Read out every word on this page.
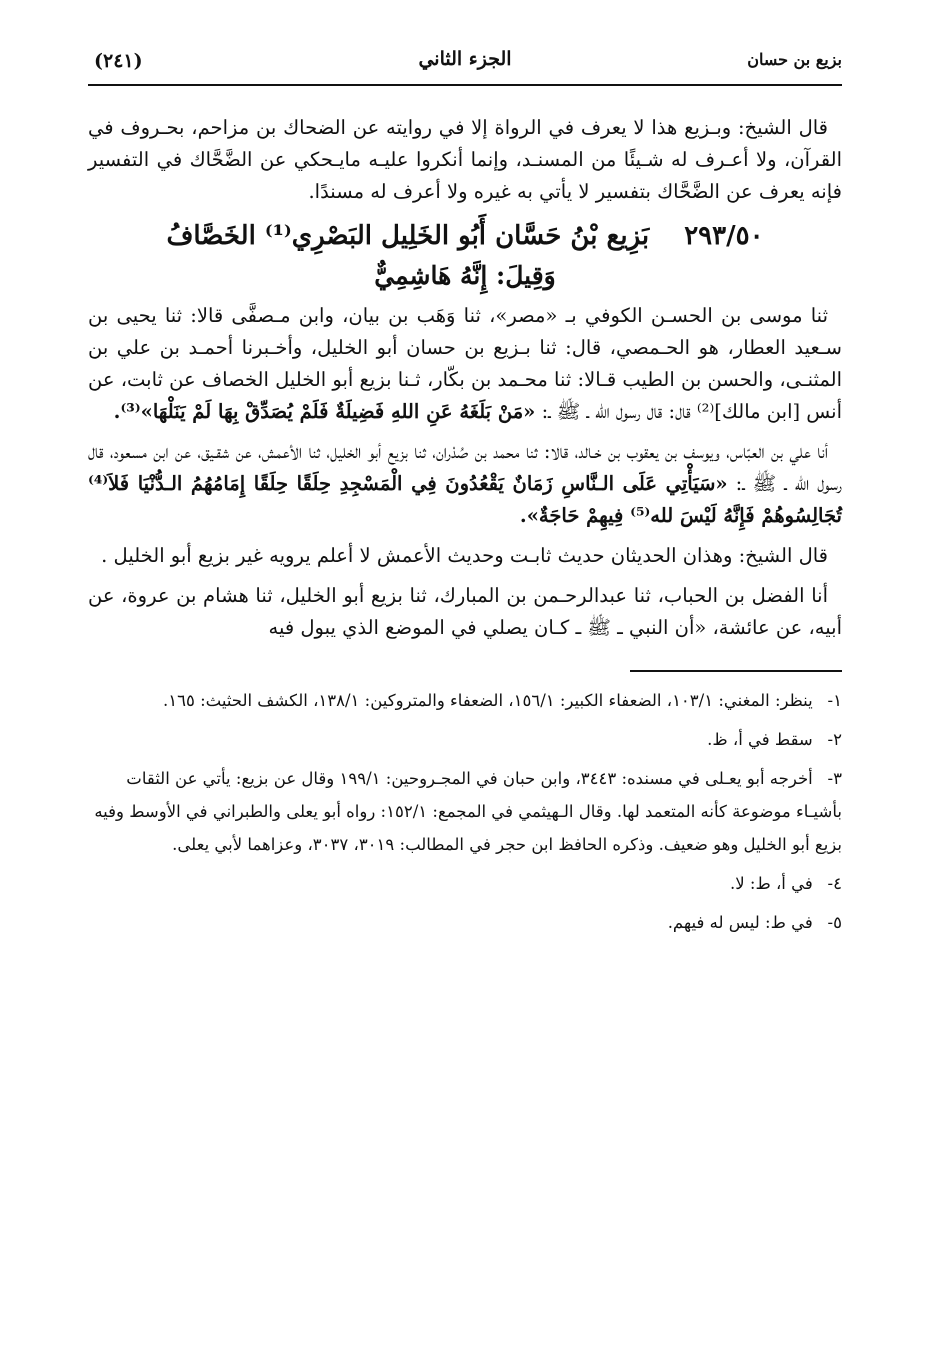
بزيع بن حسان
الجزء الثاني
(٢٤١)

قال الشيخ: وبـزيع هذا لا يعرف في الرواة إلا في روايته عن الضحاك بن مزاحم، بحـروف في القرآن، ولا أعـرف له شـيئًا من المسنـد، وإنما أنكروا عليـه مايـحكي عن الضَّحَّاك في التفسير فإنه يعرف عن الضَّحَّاك بتفسير لا يأتي به غيره ولا أعرف له مسندًا.

٢٩٣/٥٠ بَزِيع بْنُ حَسَّان أَبُو الخَلِيل البَصْرِي⁽¹⁾ الخَصَّافُ
وَقِيلَ: إِنَّهُ هَاشِمِيٌّ

ثنا موسى بن الحسـن الكوفي بـ «مصر»، ثنا وَهَب بن بيان، وابن مـصفَّى قالا: ثنا يحيى بن سـعيد العطار، هو الحـمصي، قال: ثنا بـزيع بن حسان أبو الخليل، وأخـبرنا أحمـد بن علي بن المثنـى، والحسن بن الطيب قـالا: ثنا محـمد بن بكّار، ثـنا بزيع أبو الخليل الخصاف عن ثابت، عن أنس [ابن مالك]⁽²⁾ قال: قال رسول الله ـ ﷺ ـ: «مَنْ بَلَغَهُ عَنِ اللهِ فَضِيلَةٌ فَلَمْ يُصَدِّقْ بِهَا لَمْ يَنَلْهَا»⁽³⁾.

أنا علي بن العبّاس، ويوسف بن يعقوب بن خـالد، قالا: ثنا محمد بن صُدْران، ثنا بزيع أبو الخليل، ثنا الأعمش، عن شقـيق، عن ابن مسعود، قال رسول الله ـ ﷺ ـ: «سَيَأْتِي عَلَى الـنَّاسِ زَمَانٌ يَقْعُدُونَ فِي الْمَسْجِدِ حِلَقًا حِلَقًا إِمَامُهُمُ الـدُّنْيَا فَلاَ⁽⁴⁾ تُجَالِسُوهُمْ فَإِنَّهُ لَيْسَ لله⁽⁵⁾ فِيهِمْ حَاجَةٌ».

قال الشيخ: وهذان الحديثان حديث ثابـت وحديث الأعمش لا أعلم يرويه غير بزيع أبو الخليل .

أنا الفضل بن الحباب، ثنا عبدالرحـمن بن المبارك، ثنا بزيع أبو الخليل، ثنا هشام بن عروة، عن أبيه، عن عائشة، «أن النبي ـ ﷺ ـ كـان يصلي في الموضع الذي يبول فيه

١- ينظر: المغني: ١٠٣/١، الضعفاء الكبير: ١٥٦/١، الضعفاء والمتروكين: ١٣٨/١، الكشف الحثيث: ١٦٥.
٢- سقط في أ، ظ.
٣- أخرجه أبو يعـلى في مسنده: ٣٤٤٣، وابن حبان في المجـروحين: ١٩٩/١ وقال عن بزيع: يأتي عن الثقات بأشيـاء موضوعة كأنه المتعمد لها. وقال الـهيثمي في المجمع: ١٥٢/١: رواه أبو يعلى والطبراني في الأوسط وفيه بزيع أبو الخليل وهو ضعيف. وذكره الحافظ ابن حجر في المطالب: ٣٠١٩، ٣٠٣٧، وعزاهما لأبي يعلى.
٤- في أ، ط: لا.
٥- في ط: ليس له فيهم.
